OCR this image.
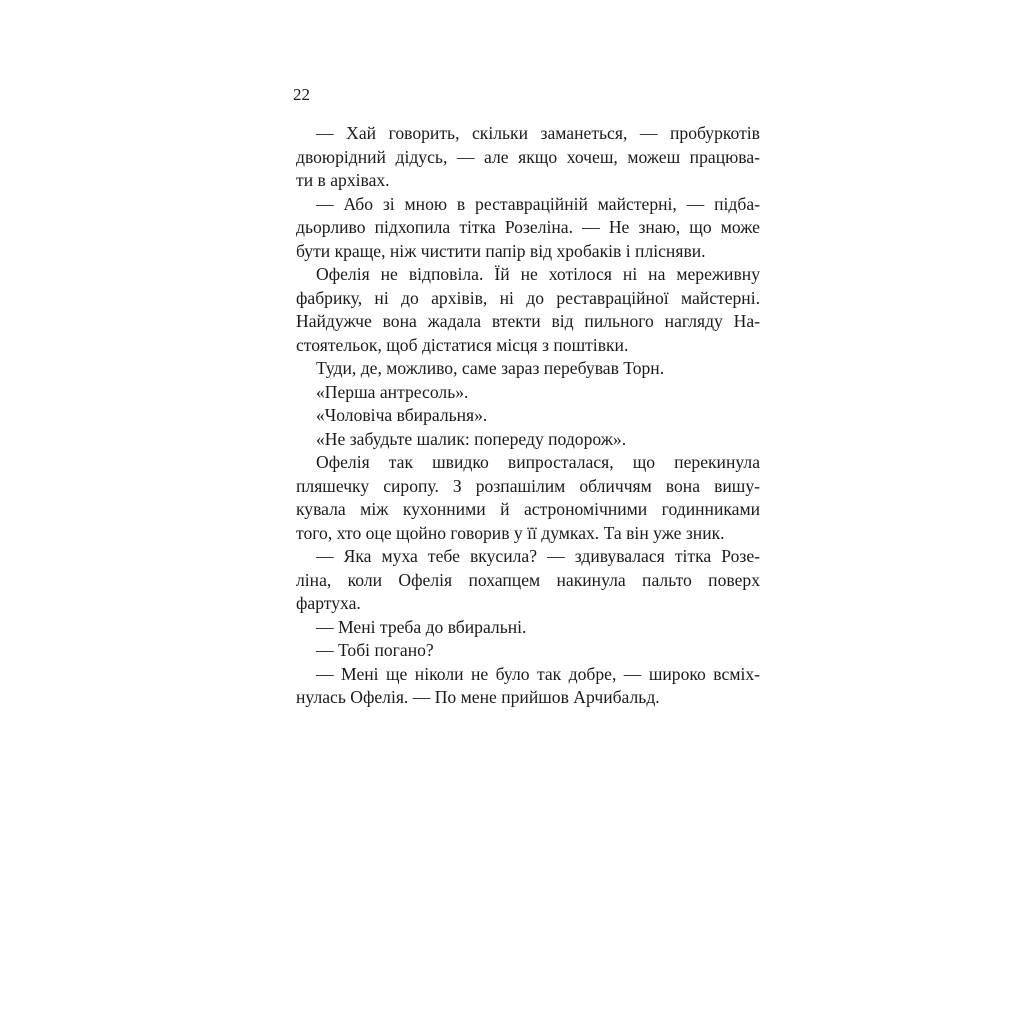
22
— Хай говорить, скільки заманеться, — пробуркотів
двоюрідний дідусь, — але якщо хочеш, можеш працюва-
ти в архівах.
— Або зі мною в реставраційній майстерні, — підба-
дьорливо підхопила тітка Розеліна. — Не знаю, що може
бути краще, ніж чистити папір від хробаків і плісняви.
Офелія не відповіла. Їй не хотілося ні на мереживну
фабрику, ні до архівів, ні до реставраційної майстерні.
Найдужче вона жадала втекти від пильного нагляду На-
стоятельок, щоб дістатися місця з поштівки.
Туди, де, можливо, саме зараз перебував Торн.
«Перша антресоль».
«Чоловіча вбиральня».
«Не забудьте шалик: попереду подорож».
Офелія так швидко випросталася, що перекинула
пляшечку сиропу. З розпашілим обличчям вона вишу-
кувала між кухонними й астрономічними годинниками
того, хто оце щойно говорив у її думках. Та він уже зник.
— Яка муха тебе вкусила? — здивувалася тітка Розе-
ліна, коли Офелія похапцем накинула пальто поверх
фартуха.
— Мені треба до вбиральні.
— Тобі погано?
— Мені ще ніколи не було так добре, — широко всміх-
нулась Офелія. — По мене прийшов Арчибальд.
